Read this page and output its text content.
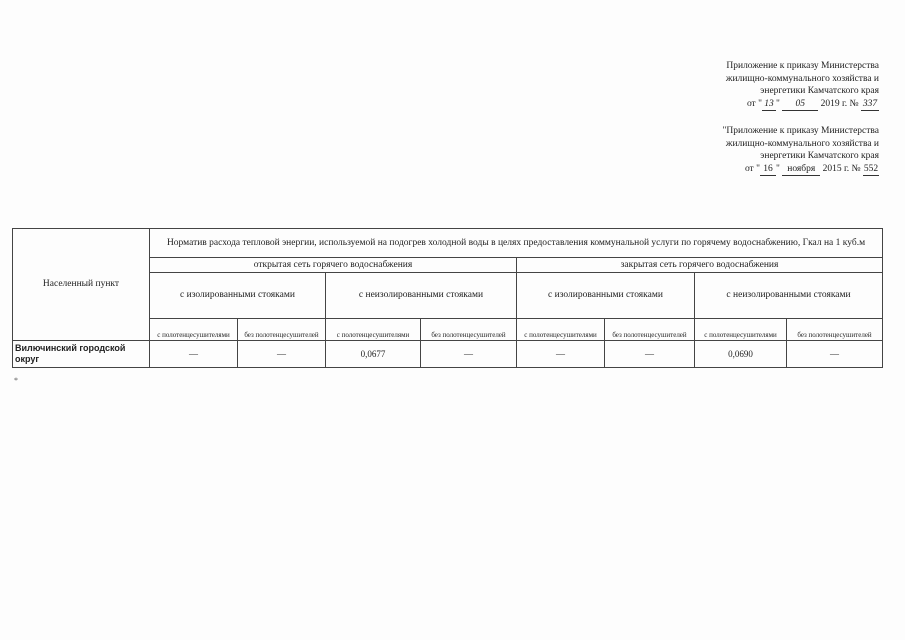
Приложение к приказу Министерства
жилищно-коммунального хозяйства и
энергетики Камчатского края
от " 13 " 05 2019 г. № 337
"Приложение к приказу Министерства
жилищно-коммунального хозяйства и
энергетики Камчатского края
от " 16 " ноября 2015 г. № 552
Населенный пункт	Норматив расхода тепловой энергии, используемой на подогрев холодной воды в целях предоставления коммунальной услуги по горячему водоснабжению, Гкал на 1 куб.м							
	открытая сеть горячего водоснабжения				закрытая сеть горячего водоснабжения			
	с изолированными стояками		с неизолированными стояками		с изолированными стояками		с неизолированными стояками	
	с полотенцесушителями	без полотенцесушителей	с полотенцесушителями	без полотенцесушителей	с полотенцесушителями	без полотенцесушителей	с полотенцесушителями	без полотенцесушителей
Вилючинский городской округ	—	—	0,0677	—	—	—	0,0690	—
*
